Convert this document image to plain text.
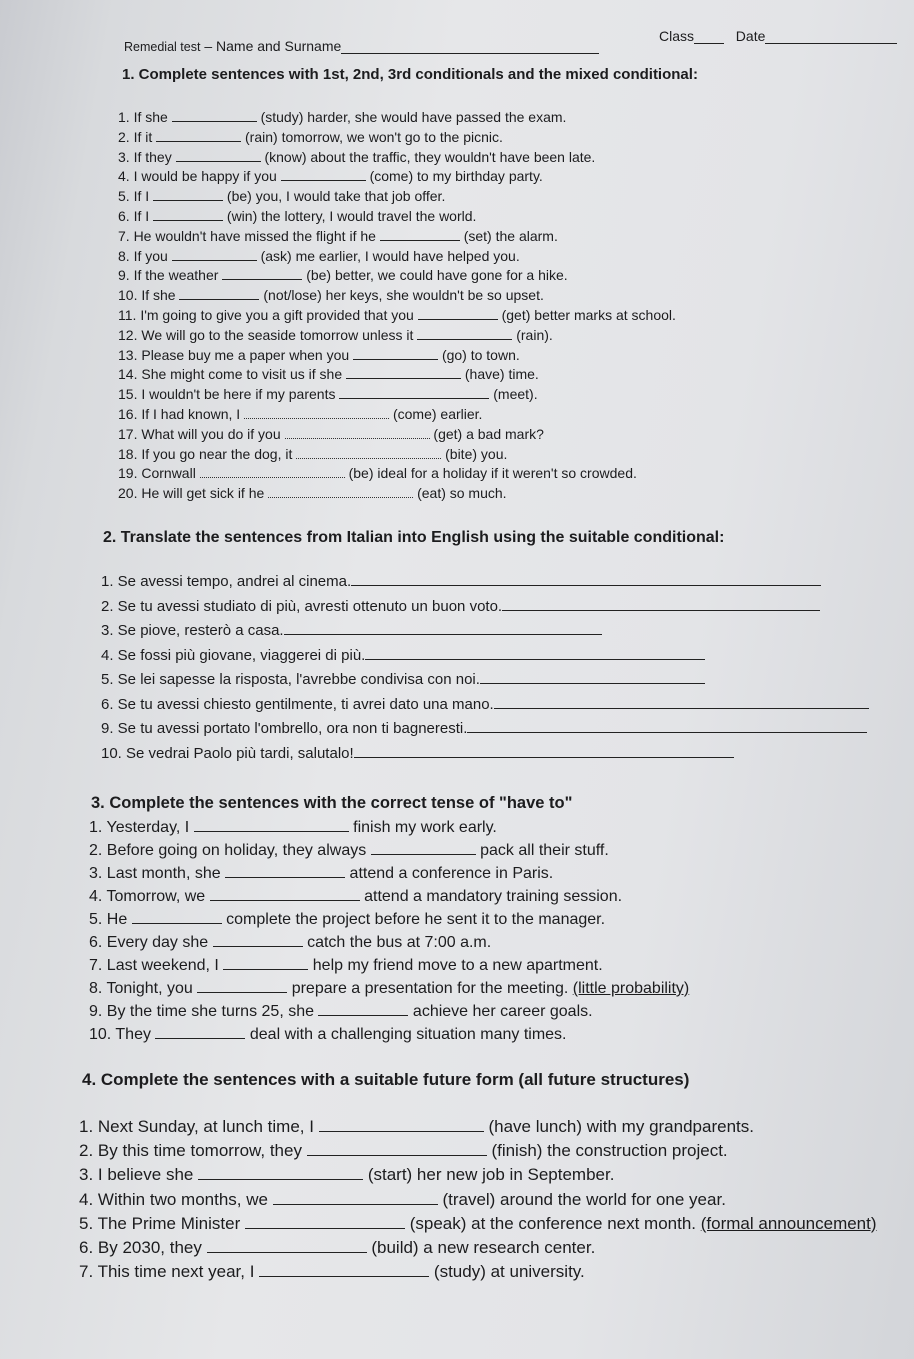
Remedial test – Name and Surname
Class	Date
1. Complete sentences with 1st, 2nd, 3rd conditionals and the mixed conditional:
1. If she	(study) harder, she would have passed the exam.
2. If it	(rain) tomorrow, we won't go to the picnic.
3. If they	(know) about the traffic, they wouldn't have been late.
4. I would be happy if you	(come) to my birthday party.
5. If I	(be) you, I would take that job offer.
6. If I	(win) the lottery, I would travel the world.
7. He wouldn't have missed the flight if he	(set) the alarm.
8. If you	(ask) me earlier, I would have helped you.
9. If the weather	(be) better, we could have gone for a hike.
10. If she	(not/lose) her keys, she wouldn't be so upset.
11. I'm going to give you a gift provided that you	(get) better marks at school.
12. We will go to the seaside tomorrow unless it	(rain).
13. Please buy me a paper when you	(go) to town.
14. She might come to visit us if she	(have) time.
15. I wouldn't be here if my parents	(meet).
16. If I had known, I	(come) earlier.
17. What will you do if you	(get) a bad mark?
18. If you go near the dog, it	(bite) you.
19. Cornwall	(be) ideal for a holiday if it weren't so crowded.
20. He will get sick if he	(eat) so much.
2. Translate the sentences from Italian into English using the suitable conditional:
1. Se avessi tempo, andrei al cinema.
2. Se tu avessi studiato di più, avresti ottenuto un buon voto.
3. Se piove, resterò a casa.
4. Se fossi più giovane, viaggerei di più.
5. Se lei sapesse la risposta, l'avrebbe condivisa con noi.
6. Se tu avessi chiesto gentilmente, ti avrei dato una mano.
9. Se tu avessi portato l'ombrello, ora non ti bagneresti.
10. Se vedrai Paolo più tardi, salutalo!
3. Complete the sentences with the correct tense of "have to"
1. Yesterday, I	finish my work early.
2. Before going on holiday, they always	pack all their stuff.
3. Last month, she	attend a conference in Paris.
4. Tomorrow, we	attend a mandatory training session.
5. He	complete the project before he sent it to the manager.
6. Every day she	catch the bus at 7:00 a.m.
7. Last weekend, I	help my friend move to a new apartment.
8. Tonight, you	prepare a presentation for the meeting. (little probability)
9. By the time she turns 25, she	achieve her career goals.
10. They	deal with a challenging situation many times.
4. Complete the sentences with a suitable future form (all future structures)
1. Next Sunday, at lunch time, I	(have lunch) with my grandparents.
2. By this time tomorrow, they	(finish) the construction project.
3. I believe she	(start) her new job in September.
4. Within two months, we	(travel) around the world for one year.
5. The Prime Minister	(speak) at the conference next month. (formal announcement)
6. By 2030, they	(build) a new research center.
7. This time next year, I	(study) at university.
